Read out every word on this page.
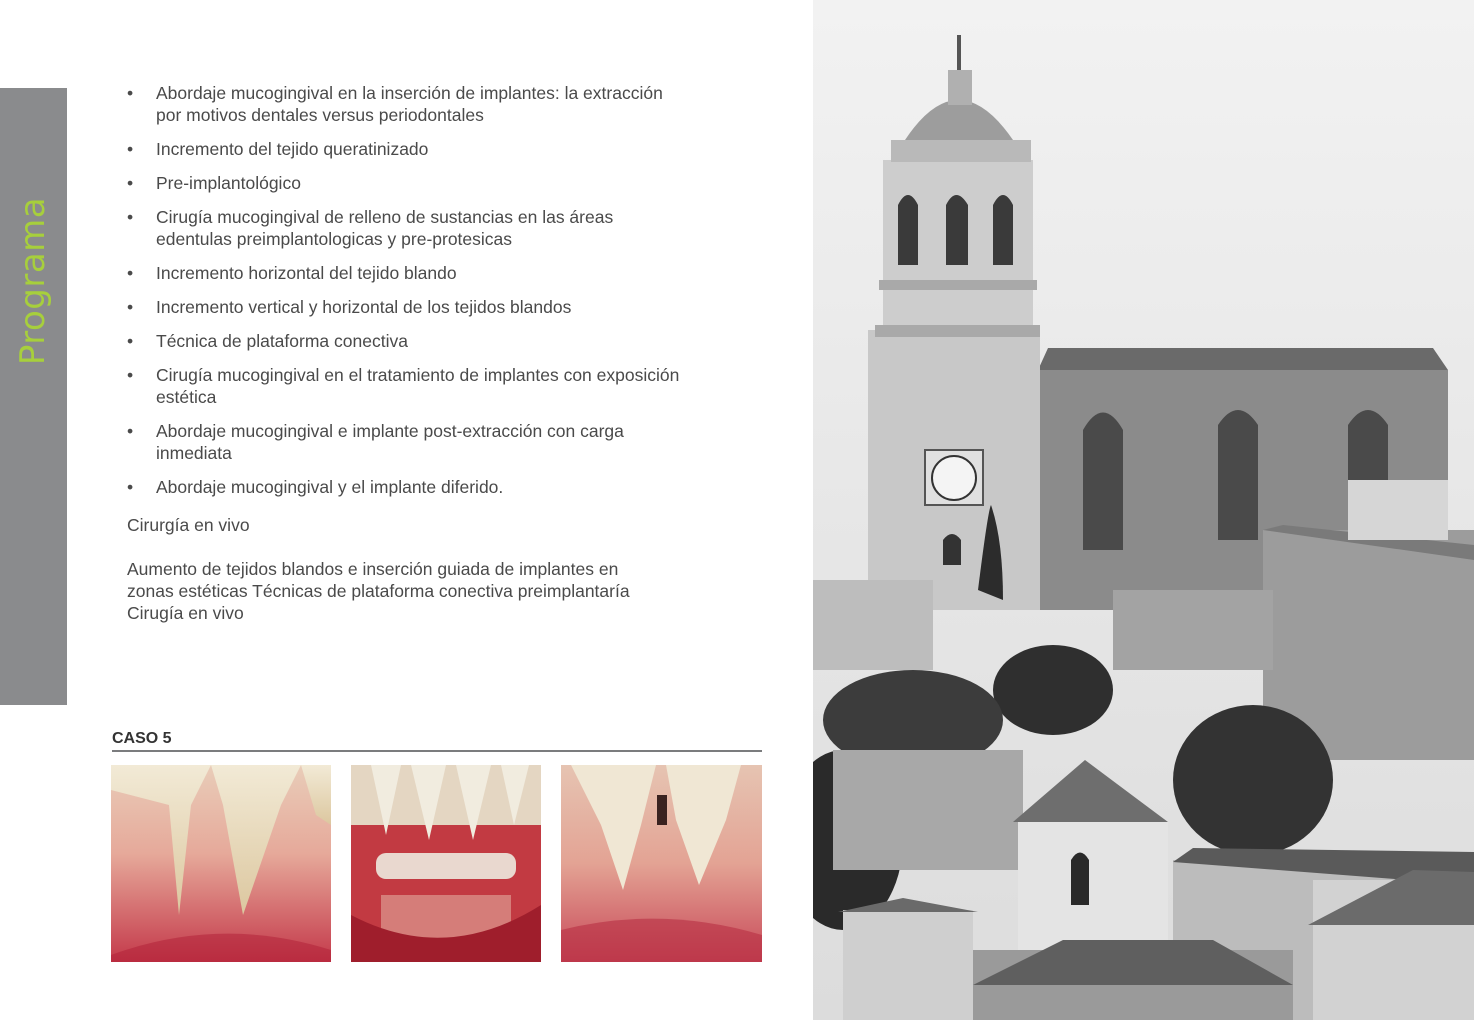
Programa
• Abordaje mucogingival en la inserción de implantes: la extracción por motivos dentales versus periodontales
• Incremento del tejido queratinizado
• Pre-implantológico
• Cirugía mucogingival de relleno de sustancias en las áreas edentulas preimplantologicas y pre-protesicas
• Incremento horizontal del tejido blando
• Incremento vertical y horizontal de los tejidos blandos
• Técnica de plataforma conectiva
• Cirugía mucogingival en el tratamiento de implantes con exposición estética
• Abordaje mucogingival e implante post-extracción con carga inmediata
• Abordaje mucogingival y el implante diferido.

Cirurgía en vivo

Aumento de tejidos blandos e inserción guiada de implantes en
zonas estéticas Técnicas de plataforma conectiva preimplantaría
Cirugía en vivo

CASO 5
